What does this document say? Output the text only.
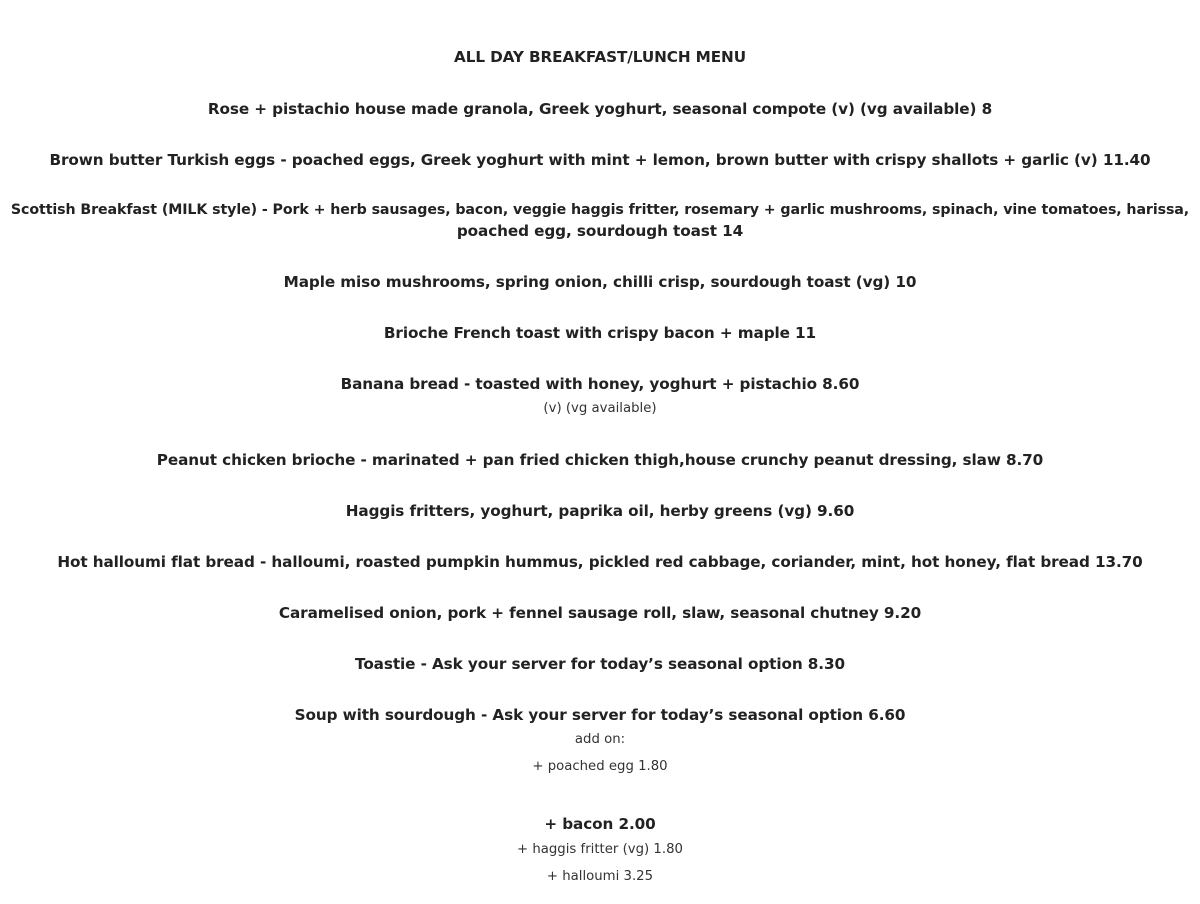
ALL DAY BREAKFAST/LUNCH MENU
Rose + pistachio house made granola, Greek yoghurt, seasonal compote (v) (vg available) 8
Brown butter Turkish eggs - poached eggs, Greek yoghurt with mint + lemon, brown butter with crispy shallots + garlic (v) 11.40
Scottish Breakfast (MILK style) - Pork + herb sausages, bacon, veggie haggis fritter, rosemary + garlic mushrooms, spinach, vine tomatoes, harissa,
poached egg, sourdough toast 14
Maple miso mushrooms, spring onion, chilli crisp, sourdough toast (vg) 10
Brioche French toast with crispy bacon + maple 11
Banana bread - toasted with honey, yoghurt + pistachio 8.60
(v) (vg available)
Peanut chicken brioche - marinated + pan fried chicken thigh,house crunchy peanut dressing, slaw 8.70
Haggis fritters, yoghurt, paprika oil, herby greens (vg) 9.60
Hot halloumi flat bread - halloumi, roasted pumpkin hummus, pickled red cabbage, coriander, mint, hot honey, flat bread 13.70
Caramelised onion, pork + fennel sausage roll, slaw, seasonal chutney 9.20
Toastie - Ask your server for today’s seasonal option 8.30
Soup with sourdough - Ask your server for today’s seasonal option 6.60
add on:
+ poached egg 1.80
+ bacon 2.00
+ haggis fritter (vg) 1.80
+ halloumi 3.25
